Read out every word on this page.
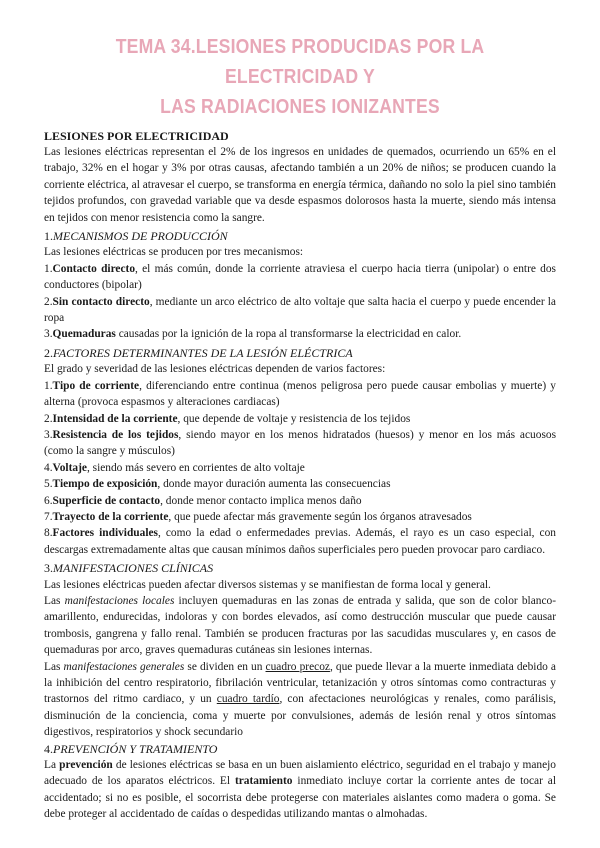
TEMA 34.LESIONES PRODUCIDAS POR LA ELECTRICIDAD Y
LAS RADIACIONES IONIZANTES

LESIONES POR ELECTRICIDAD

Las lesiones eléctricas representan el 2% de los ingresos en unidades de quemados, ocurriendo un 65% en el trabajo, 32% en el hogar y 3% por otras causas, afectando también a un 20% de niños; se producen cuando la corriente eléctrica, al atravesar el cuerpo, se transforma en energía térmica, dañando no solo la piel sino también tejidos profundos, con gravedad variable que va desde espasmos dolorosos hasta la muerte, siendo más intensa en tejidos con menor resistencia como la sangre.

1.MECANISMOS DE PRODUCCIÓN

Las lesiones eléctricas se producen por tres mecanismos:

1.Contacto directo, el más común, donde la corriente atraviesa el cuerpo hacia tierra (unipolar) o entre dos conductores (bipolar)

2.Sin contacto directo, mediante un arco eléctrico de alto voltaje que salta hacia el cuerpo y puede encender la ropa

3.Quemaduras causadas por la ignición de la ropa al transformarse la electricidad en calor.

2.FACTORES DETERMINANTES DE LA LESIÓN ELÉCTRICA

El grado y severidad de las lesiones eléctricas dependen de varios factores:

1.Tipo de corriente, diferenciando entre continua (menos peligrosa pero puede causar embolias y muerte) y alterna (provoca espasmos y alteraciones cardiacas)

2.Intensidad de la corriente, que depende de voltaje y resistencia de los tejidos

3.Resistencia de los tejidos, siendo mayor en los menos hidratados (huesos) y menor en los más acuosos (como la sangre y músculos)

4.Voltaje, siendo más severo en corrientes de alto voltaje

5.Tiempo de exposición, donde mayor duración aumenta las consecuencias

6.Superficie de contacto, donde menor contacto implica menos daño

7.Trayecto de la corriente, que puede afectar más gravemente según los órganos atravesados

8.Factores individuales, como la edad o enfermedades previas. Además, el rayo es un caso especial, con descargas extremadamente altas que causan mínimos daños superficiales pero pueden provocar paro cardiaco.

3.MANIFESTACIONES CLÍNICAS

Las lesiones eléctricas pueden afectar diversos sistemas y se manifiestan de forma local y general.

Las manifestaciones locales incluyen quemaduras en las zonas de entrada y salida, que son de color blanco-amarillento, endurecidas, indoloras y con bordes elevados, así como destrucción muscular que puede causar trombosis, gangrena y fallo renal. También se producen fracturas por las sacudidas musculares y, en casos de quemaduras por arco, graves quemaduras cutáneas sin lesiones internas.

Las manifestaciones generales se dividen en un cuadro precoz, que puede llevar a la muerte inmediata debido a la inhibición del centro respiratorio, fibrilación ventricular, tetanización y otros síntomas como contracturas y trastornos del ritmo cardiaco, y un cuadro tardío, con afectaciones neurológicas y renales, como parálisis, disminución de la conciencia, coma y muerte por convulsiones, además de lesión renal y otros síntomas digestivos, respiratorios y shock secundario

4.PREVENCIÓN Y TRATAMIENTO

La prevención de lesiones eléctricas se basa en un buen aislamiento eléctrico, seguridad en el trabajo y manejo adecuado de los aparatos eléctricos. El tratamiento inmediato incluye cortar la corriente antes de tocar al accidentado; si no es posible, el socorrista debe protegerse con materiales aislantes como madera o goma. Se debe proteger al accidentado de caídas o despedidas utilizando mantas o almohadas.
